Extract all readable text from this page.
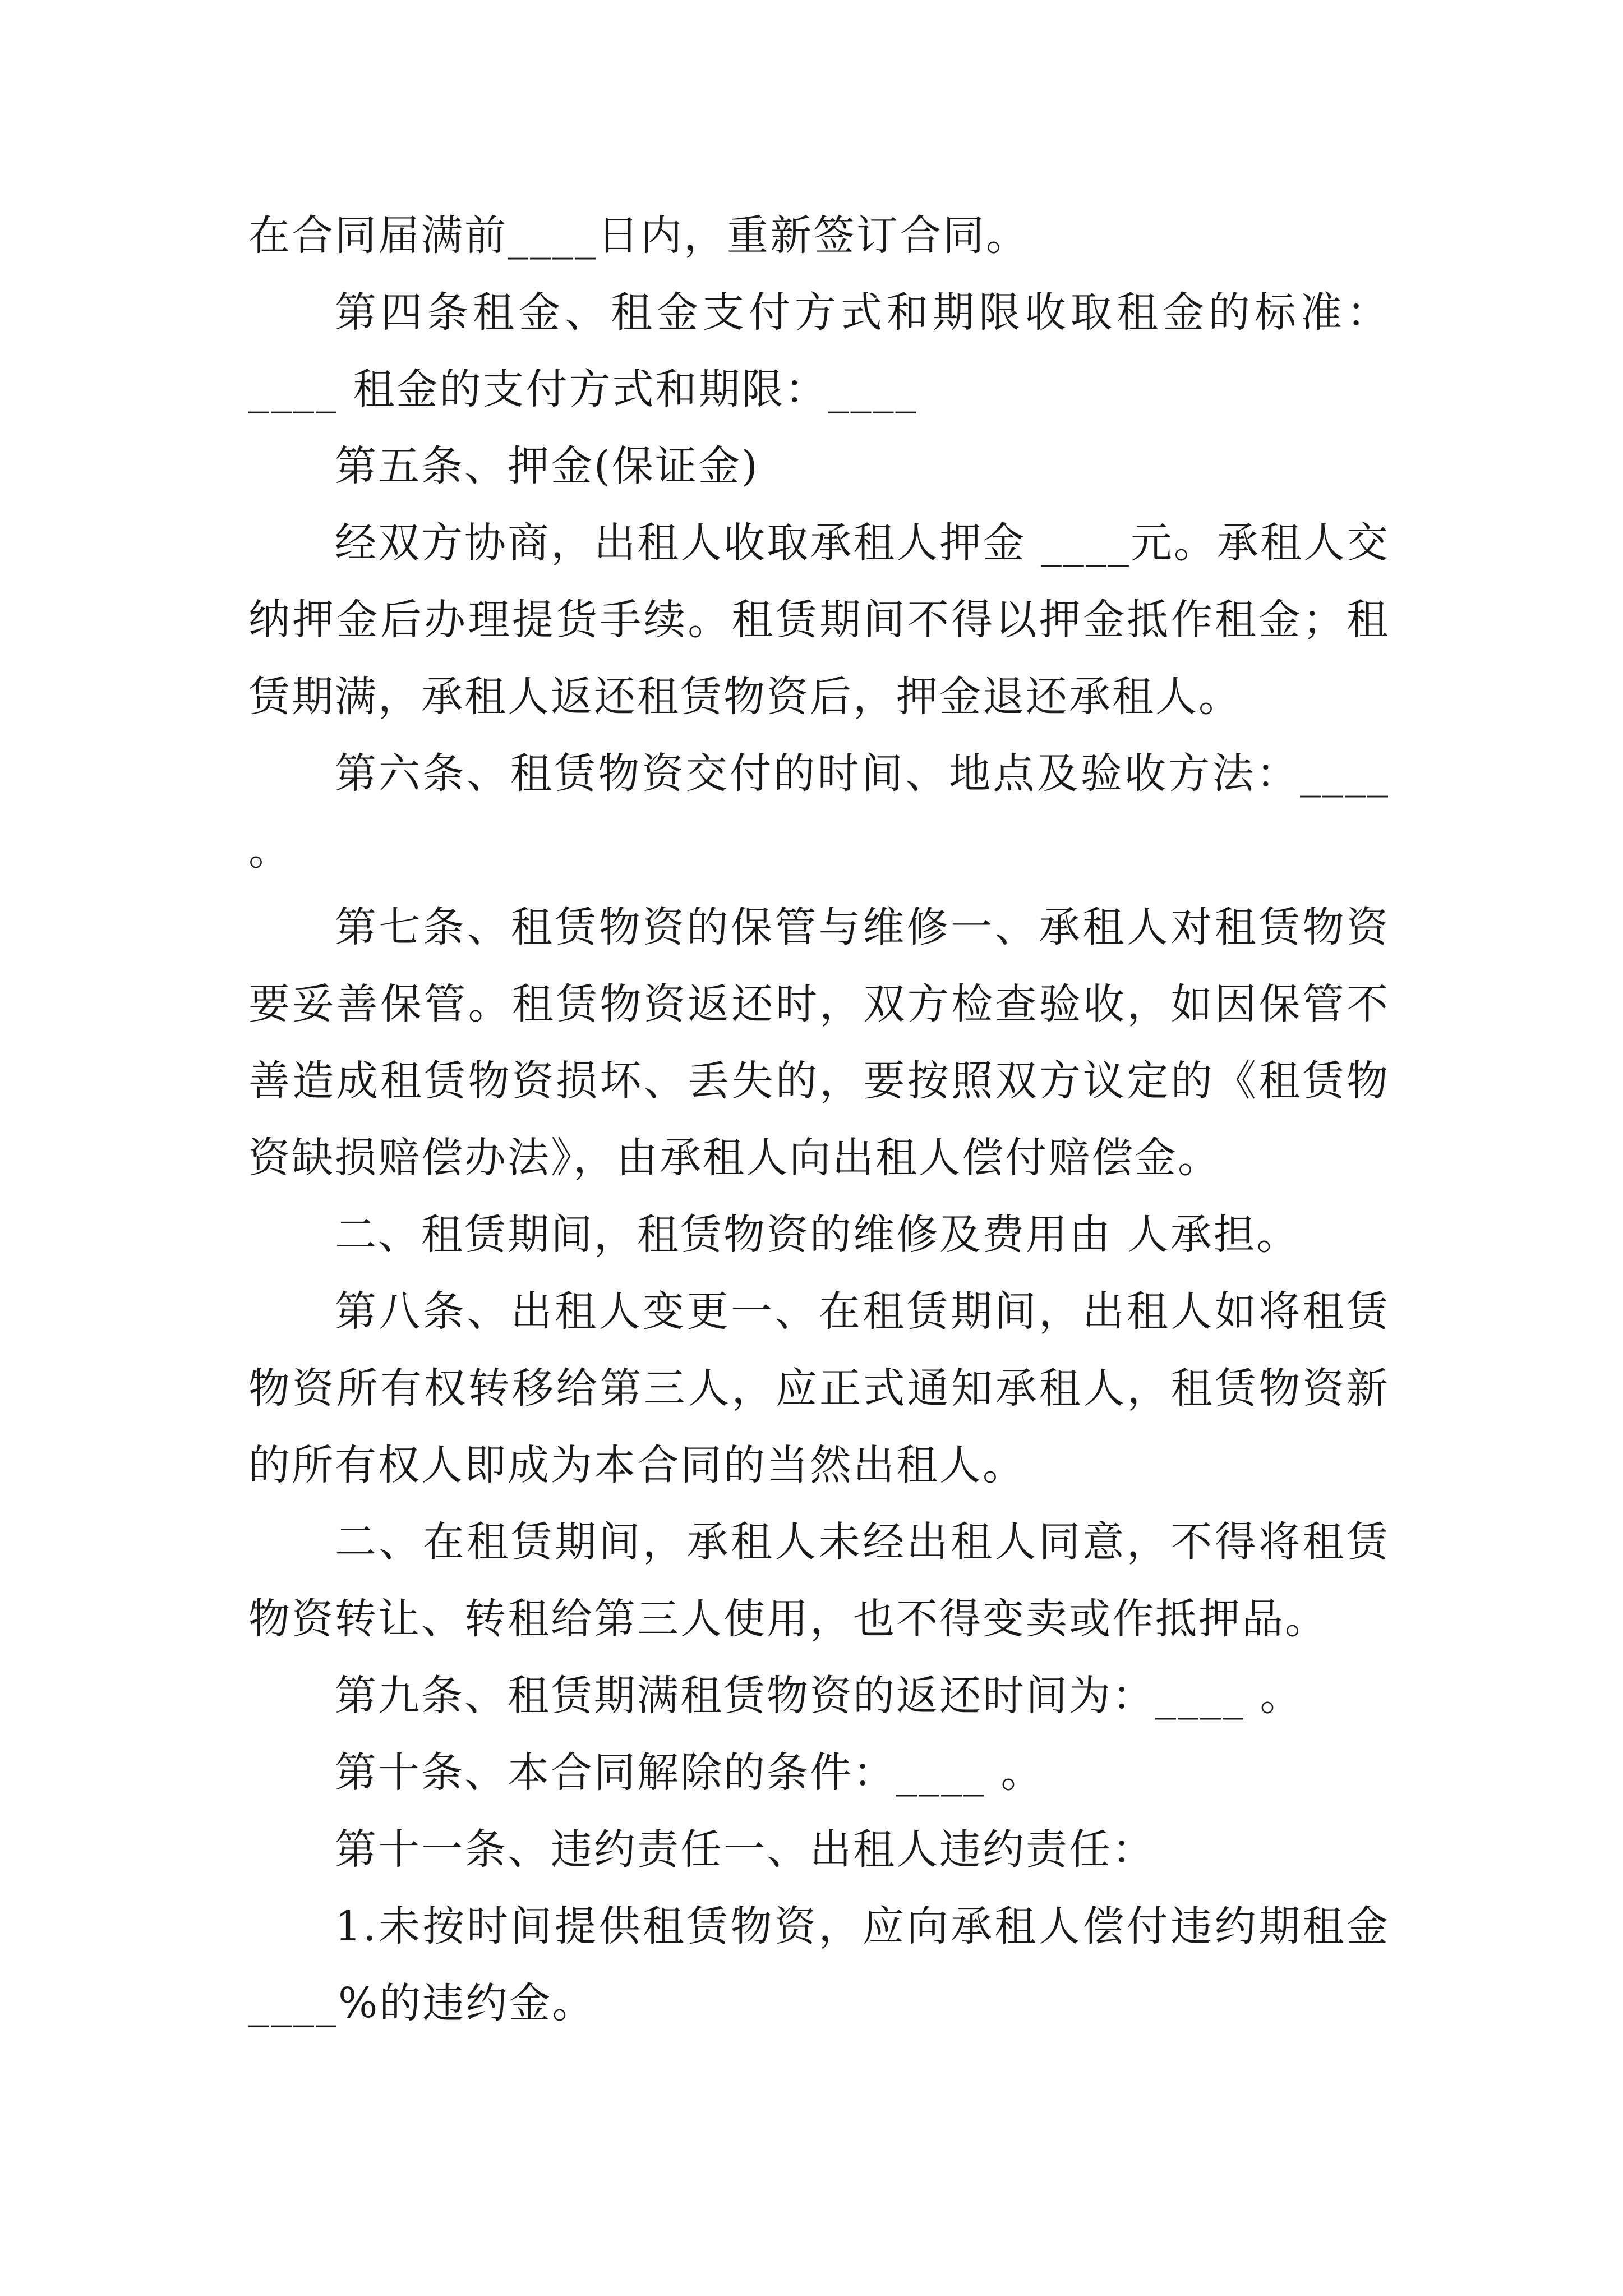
在合同届满前____日内，重新签订合同。

第四条租金、租金支付方式和期限收取租金的标准：____ 租金的支付方式和期限：____

第五条、押金(保证金)

经双方协商，出租人收取承租人押金 ____元。承租人交纳押金后办理提货手续。租赁期间不得以押金抵作租金；租赁期满，承租人返还租赁物资后，押金退还承租人。

第六条、租赁物资交付的时间、地点及验收方法：____ 。

第七条、租赁物资的保管与维修一、承租人对租赁物资要妥善保管。租赁物资返还时，双方检查验收，如因保管不善造成租赁物资损坏、丢失的，要按照双方议定的《租赁物资缺损赔偿办法》，由承租人向出租人偿付赔偿金。

二、租赁期间，租赁物资的维修及费用由 人承担。

第八条、出租人变更一、在租赁期间，出租人如将租赁物资所有权转移给第三人，应正式通知承租人，租赁物资新的所有权人即成为本合同的当然出租人。

二、在租赁期间，承租人未经出租人同意，不得将租赁物资转让、转租给第三人使用，也不得变卖或作抵押品。

第九条、租赁期满租赁物资的返还时间为：____ 。

第十条、本合同解除的条件：____ 。

第十一条、违约责任一、出租人违约责任：

1.未按时间提供租赁物资，应向承租人偿付违约期租金____%的违约金。
